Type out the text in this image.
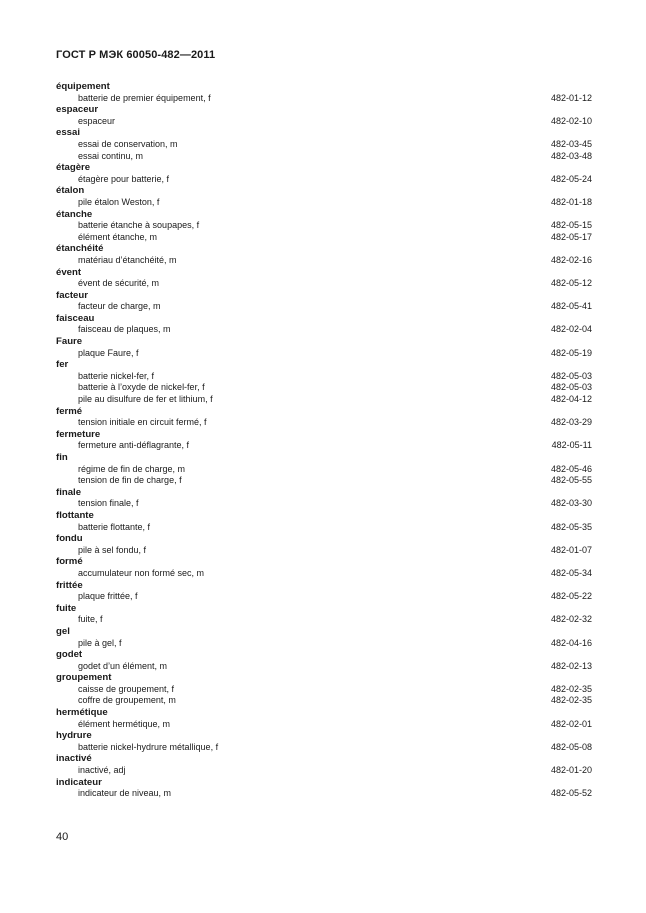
ГОСТ Р МЭК 60050-482—2011
équipement
batterie de premier équipement, f	482-01-12
espaceur
espaceur	482-02-10
essai
essai de conservation, m	482-03-45
essai continu, m	482-03-48
étagère
étagère pour batterie, f	482-05-24
étalon
pile étalon Weston, f	482-01-18
étanche
batterie étanche à soupapes, f	482-05-15
élément étanche, m	482-05-17
étanchéité
matériau d’étanchéité, m	482-02-16
évent
évent de sécurité, m	482-05-12
facteur
facteur de charge, m	482-05-41
faisceau
faisceau de plaques, m	482-02-04
Faure
plaque Faure, f	482-05-19
fer
batterie nickel-fer, f	482-05-03
batterie à l’oxyde de nickel-fer, f	482-05-03
pile au disulfure de fer et lithium, f	482-04-12
fermé
tension initiale en circuit fermé, f	482-03-29
fermeture
fermeture anti-déflagrante, f	482-05-11
fin
régime de fin de charge, m	482-05-46
tension de fin de charge, f	482-05-55
finale
tension finale, f	482-03-30
flottante
batterie flottante, f	482-05-35
fondu
pile à sel fondu, f	482-01-07
formé
accumulateur non formé sec, m	482-05-34
frittée
plaque frittée, f	482-05-22
fuite
fuite, f	482-02-32
gel
pile à gel, f	482-04-16
godet
godet d’un élément, m	482-02-13
groupement
caisse de groupement, f	482-02-35
coffre de groupement, m	482-02-35
hermétique
élément hermétique, m	482-02-01
hydrure
batterie nickel-hydrure métallique, f	482-05-08
inactivé
inactivé, adj	482-01-20
indicateur
indicateur de niveau, m	482-05-52
40
